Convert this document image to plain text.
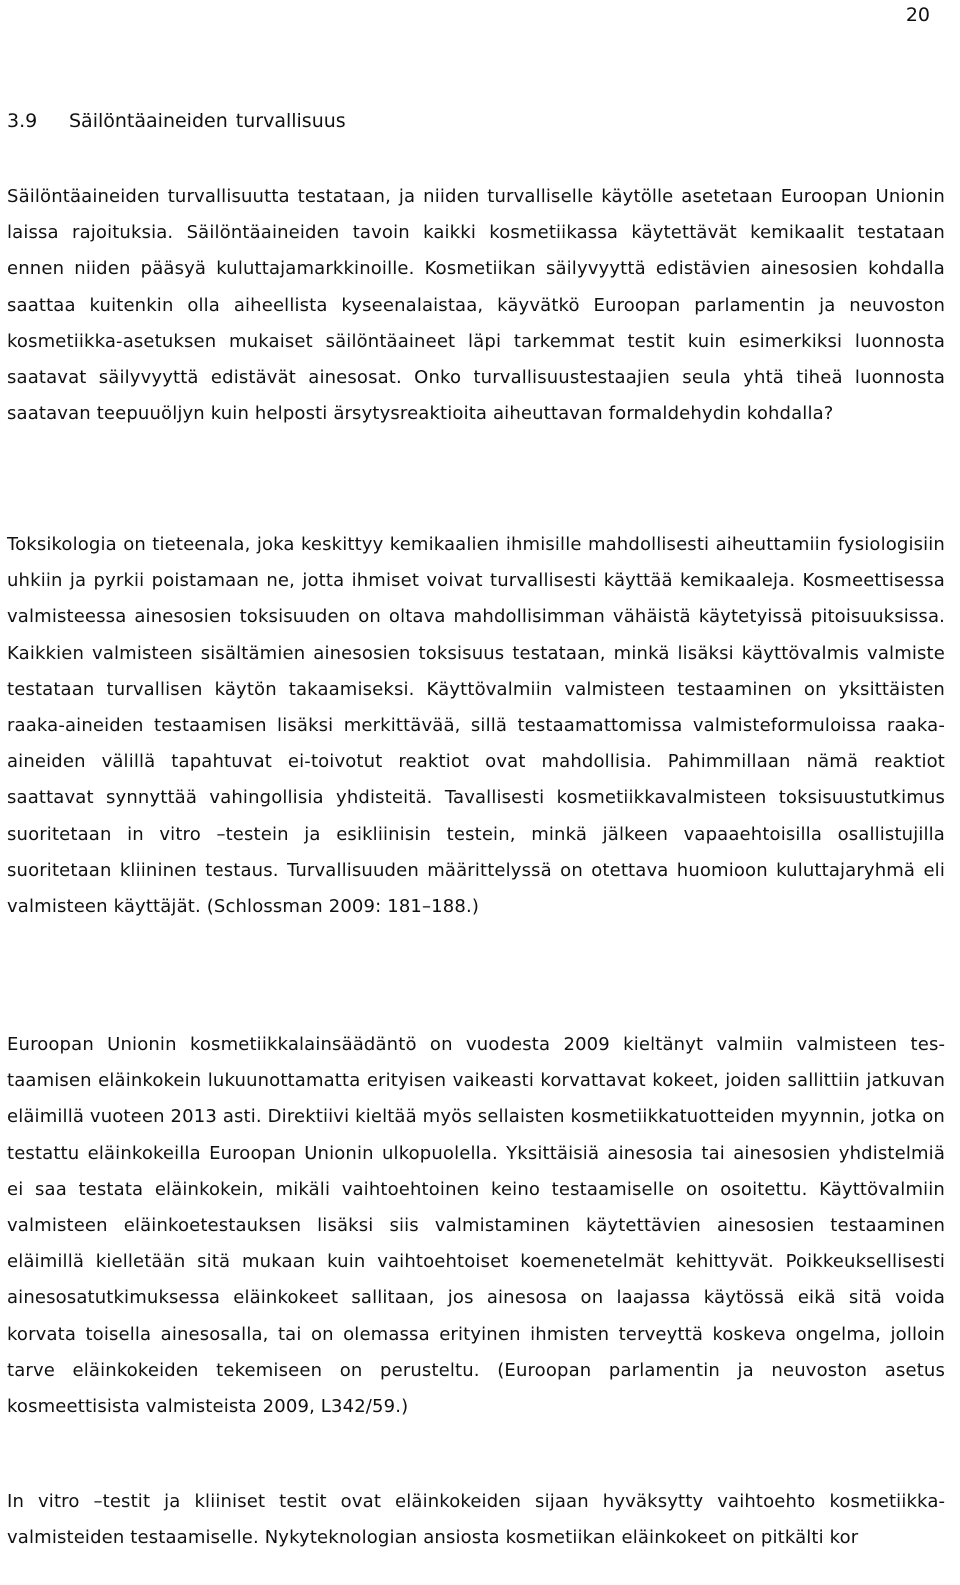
20
3.9 Säilöntäaineiden turvallisuus

Säilöntäaineiden turvallisuutta testataan, ja niiden turvalliselle käytölle asetetaan Euroopan Unionin laissa rajoituksia. Säilöntäaineiden tavoin kaikki kosmetiikassa käytettävät kemikaalit testataan ennen niiden pääsyä kuluttajamarkkinoille. Kosmetiikan säilyvyyttä edistävien ainesosien kohdalla saattaa kuitenkin olla aiheellista kyseenalaistaa, käyvätkö Euroopan parlamentin ja neuvoston kosmetiikka-asetuksen mukaiset säilöntäaineet läpi tarkemmat testit kuin esimerkiksi luonnosta saatavat säilyvyyttä edistävät ainesosat. Onko turvallisuustestaajien seula yhtä tiheä luonnosta saatavan teepuuöljyn kuin helposti ärsytysreaktioita aiheuttavan formaldehydin kohdalla?

Toksikologia on tieteenala, joka keskittyy kemikaalien ihmisille mahdollisesti aiheuttamiin fysiologisiin uhkiin ja pyrkii poistamaan ne, jotta ihmiset voivat turvallisesti käyttää kemikaaleja. Kosmeettisessa valmisteessa ainesosien toksisuuden on oltava mahdollisimman vähäistä käytetyissä pitoisuuksissa. Kaikkien valmisteen sisältämien ainesosien toksisuus testataan, minkä lisäksi käyttövalmis valmiste testataan turvallisen käytön takaamiseksi. Käyttövalmiin valmisteen testaaminen on yksittäisten raaka-aineiden testaamisen lisäksi merkittävää, sillä testaamattomissa valmisteformuloissa raaka-aineiden välillä tapahtuvat ei-toivotut reaktiot ovat mahdollisia. Pahimmillaan nämä reaktiot saattavat synnyttää vahingollisia yhdisteitä. Tavallisesti kosmetiikkavalmisteen toksisuustutkimus suoritetaan in vitro –testein ja esikliinisin testein, minkä jälkeen vapaaehtoisilla osallistujilla suoritetaan kliininen testaus. Turvallisuuden määrittelyssä on otettava huomioon kuluttajaryhmä eli valmisteen käyttäjät. (Schlossman 2009: 181–188.)

Euroopan Unionin kosmetiikkalainsäädäntö on vuodesta 2009 kieltänyt valmiin valmisteen testaamisen eläinkokein lukuunottamatta erityisen vaikeasti korvattavat kokeet, joiden sallittiin jatkuvan eläimillä vuoteen 2013 asti. Direktiivi kieltää myös sellaisten kosmetiikkatuotteiden myynnin, jotka on testattu eläinkokeilla Euroopan Unionin ulkopuolella. Yksittäisiä ainesosia tai ainesosien yhdistelmiä ei saa testata eläinkokein, mikäli vaihtoehtoinen keino testaamiselle on osoitettu. Käyttövalmiin valmisteen eläinkoetestauksen lisäksi siis valmistaminen käytettävien ainesosien testaaminen eläimillä kielletään sitä mukaan kuin vaihtoehtoiset koemenetelmät kehittyvät. Poikkeuksellisesti ainesosatutkimuksessa eläinkokeet sallitaan, jos ainesosa on laajassa käytössä eikä sitä voida korvata toisella ainesosalla, tai on olemassa erityinen ihmisten terveyttä koskeva ongelma, jolloin tarve eläinkokeiden tekemiseen on perusteltu. (Euroopan parlamentin ja neuvoston asetus kosmeettisista valmisteista 2009, L342/59.)

In vitro –testit ja kliiniset testit ovat eläinkokeiden sijaan hyväksytty vaihtoehto kosmetiikkavalmisteiden testaamiselle. Nykyteknologian ansiosta kosmetiikan eläinkokeet on pitkälti kor
